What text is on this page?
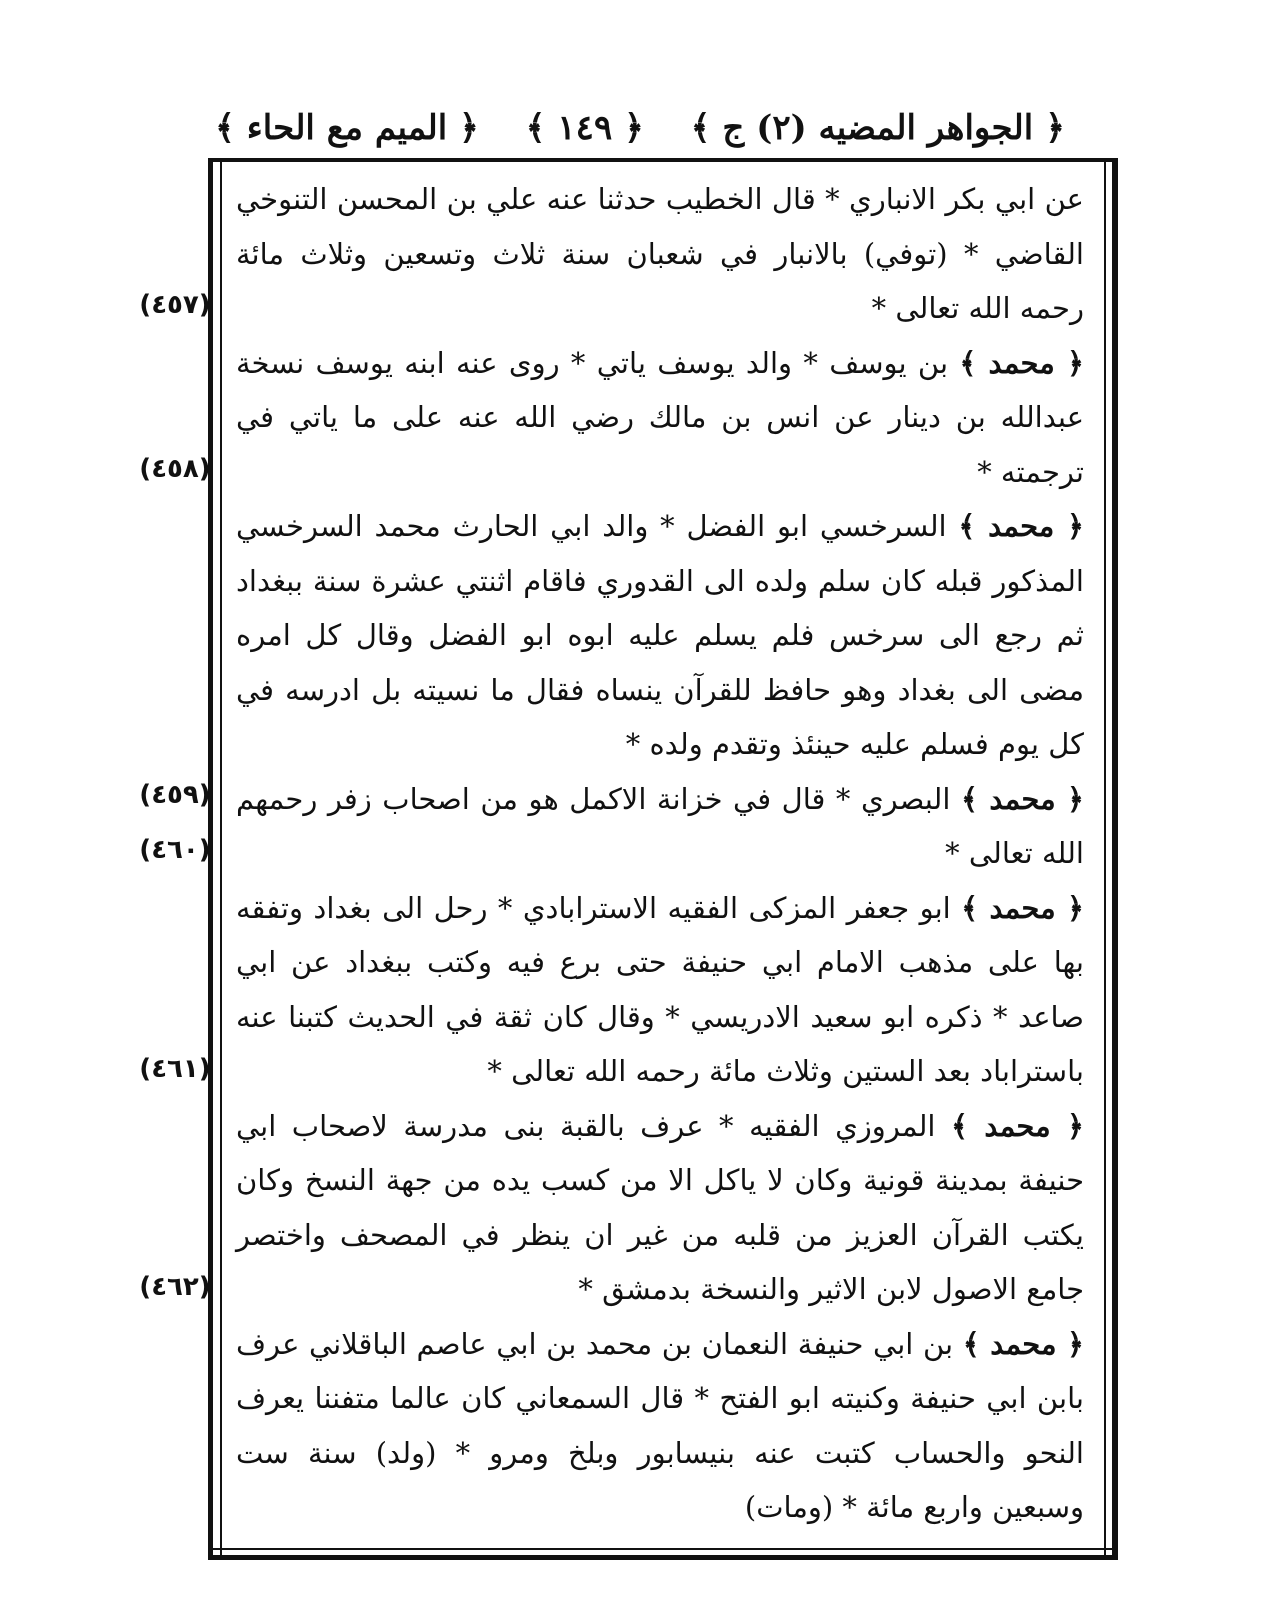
﴿ الجواهر المضيه (٢) ج ﴾
﴿ ١٤٩ ﴾
﴿ الميم مع الحاء ﴾
(٤٥٧)
(٤٥٨)
(٤٥٩)
(٤٦٠)
(٤٦١)
(٤٦٢)

عن ابي بكر الانباري * قال الخطيب حدثنا عنه علي بن المحسن التنوخي القاضي * (توفي) بالانبار في شعبان سنة ثلاث وتسعين وثلاث مائة رحمه الله تعالى *

﴿ محمد ﴾ بن يوسف * والد يوسف ياتي * روى عنه ابنه يوسف نسخة عبدالله بن دينار عن انس بن مالك رضي الله عنه على ما ياتي في ترجمته *

﴿ محمد ﴾ السرخسي ابو الفضل * والد ابي الحارث محمد السرخسي المذكور قبله كان سلم ولده الى القدوري فاقام اثنتي عشرة سنة ببغداد ثم رجع الى سرخس فلم يسلم عليه ابوه ابو الفضل وقال كل امره مضى الى بغداد وهو حافظ للقرآن ينساه فقال ما نسيته بل ادرسه في كل يوم فسلم عليه حينئذ وتقدم ولده *

﴿ محمد ﴾ البصري * قال في خزانة الاكمل هو من اصحاب زفر رحمهم الله تعالى *

﴿ محمد ﴾ ابو جعفر المزكى الفقيه الاسترابادي * رحل الى بغداد وتفقه بها على مذهب الامام ابي حنيفة حتى برع فيه وكتب ببغداد عن ابي صاعد * ذكره ابو سعيد الادريسي * وقال كان ثقة في الحديث كتبنا عنه باستراباد بعد الستين وثلاث مائة رحمه الله تعالى *

﴿ محمد ﴾ المروزي الفقيه * عرف بالقبة بنى مدرسة لاصحاب ابي حنيفة بمدينة قونية وكان لا ياكل الا من كسب يده من جهة النسخ وكان يكتب القرآن العزيز من قلبه من غير ان ينظر في المصحف واختصر جامع الاصول لابن الاثير والنسخة بدمشق *

﴿ محمد ﴾ بن ابي حنيفة النعمان بن محمد بن ابي عاصم الباقلاني عرف بابن ابي حنيفة وكنيته ابو الفتح * قال السمعاني كان عالما متفننا يعرف النحو والحساب كتبت عنه بنيسابور وبلخ ومرو * (ولد) سنة ست وسبعين واربع مائة * (ومات)
